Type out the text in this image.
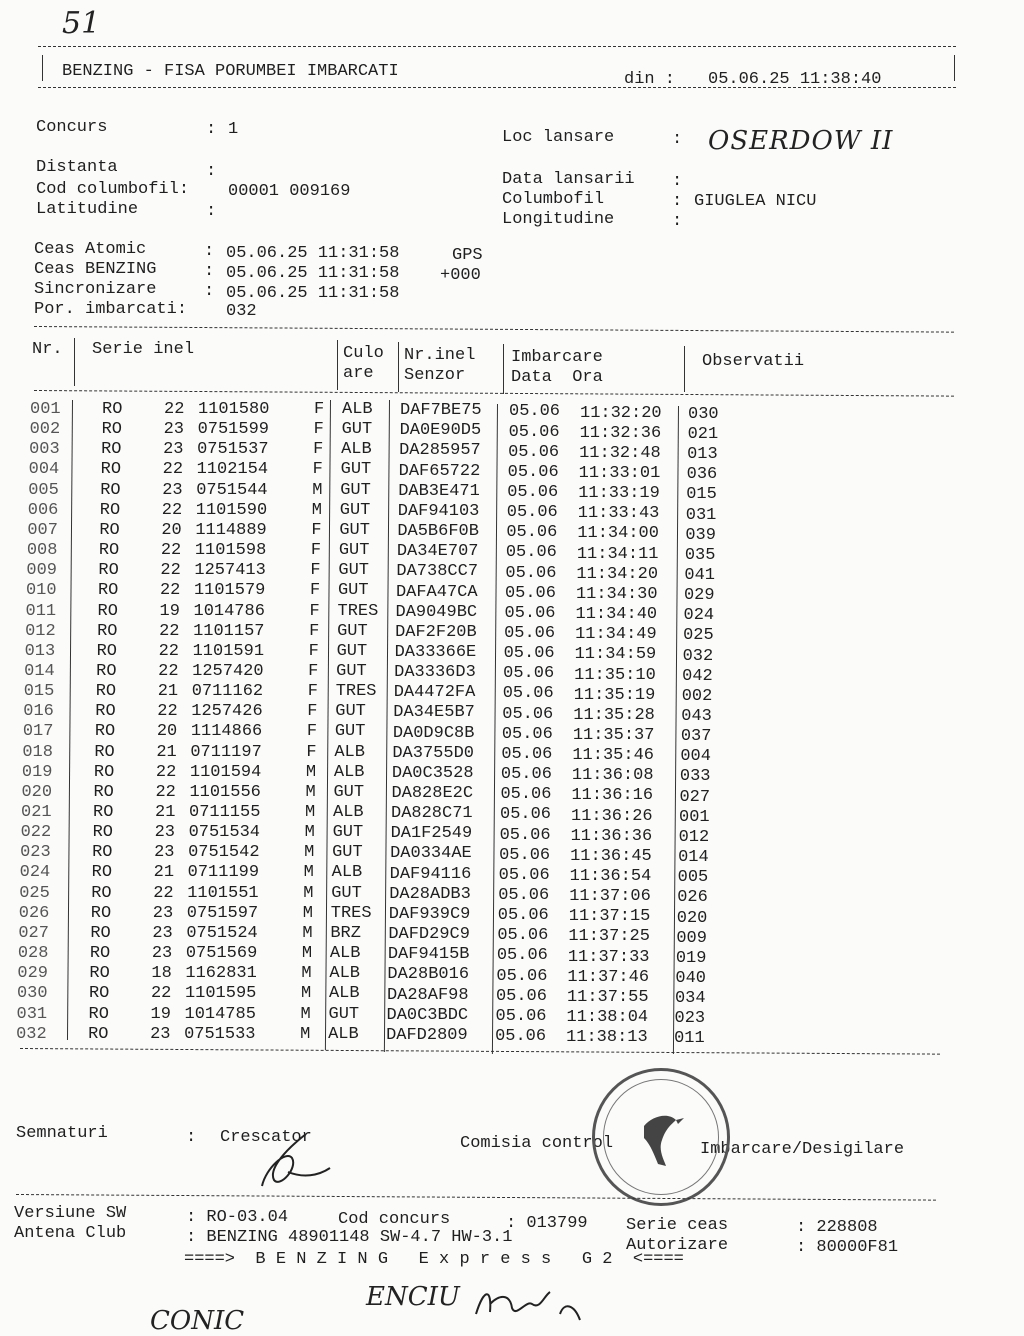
51
BENZING - FISA PORUMBEI IMBARCATI	din : 05.06.25 11:38:40
Concurs	: 1
Distanta	:
Cod columbofil: 00001 009169
Latitudine	:
Loc lansare	: OSERDOW II
Data lansarii :
Columbofil	: GIUGLEA NICU
Longitudine	:
Ceas Atomic	: 05.06.25 11:31:58	GPS
Ceas BENZING	: 05.06.25 11:31:58 +000
Sincronizare	: 05.06.25 11:31:58
Por. imbarcati: 032
Nr. Serie inel	Culo
are
Nr.inel
Senzor
Imbarcare
Data  Ora
Observatii
001 RO 22 1101580	F ALB DAF7BE75 05.06 11:32:20 030
002 RO 23 0751599	F GUT DA0E90D5 05.06 11:32:36 021
003 RO 23 0751537	F ALB DA285957 05.06 11:32:48 013
004 RO 22 1102154	F GUT DAF65722 05.06 11:33:01 036
005 RO 23 0751544	M GUT DAB3E471 05.06 11:33:19 015
006 RO 22 1101590	M GUT DAF94103 05.06 11:33:43 031
007 RO 20 1114889	F GUT DA5B6F0B 05.06 11:34:00 039
008 RO 22 1101598	F GUT DA34E707 05.06 11:34:11 035
009 RO 22 1257413	F GUT DA738CC7 05.06 11:34:20 041
010 RO 22 1101579	F GUT DAFA47CA 05.06 11:34:30 029
011 RO 19 1014786	F TRES DA9049BC 05.06 11:34:40 024
012 RO 22 1101157	F GUT DAF2F20B 05.06 11:34:49 025
013 RO 22 1101591	F GUT DA33366E 05.06 11:34:59 032
014 RO 22 1257420	F GUT DA3336D3 05.06 11:35:10 042
015 RO 21 0711162	F TRES DA4472FA 05.06 11:35:19 002
016 RO 22 1257426	F GUT DA34E5B7 05.06 11:35:28 043
017 RO 20 1114866	F GUT DA0D9C8B 05.06 11:35:37 037
018 RO 21 0711197	F ALB DA3755D0 05.06 11:35:46 004
019 RO 22 1101594	M ALB DA0C3528 05.06 11:36:08 033
020 RO 22 1101556	M GUT DA828E2C 05.06 11:36:16 027
021 RO 21 0711155	M ALB DA828C71 05.06 11:36:26 001
022 RO 23 0751534	M GUT DA1F2549 05.06 11:36:36 012
023 RO 23 0751542	M GUT DA0334AE 05.06 11:36:45 014
024 RO 21 0711199	M ALB DAF94116 05.06 11:36:54 005
025 RO 22 1101551	M GUT DA28ADB3 05.06 11:37:06 026
026 RO 23 0751597	M TRES DAF939C9 05.06 11:37:15 020
027 RO 23 0751524	M BRZ DAFD29C9 05.06 11:37:25 009
028 RO 23 0751569	M ALB DAF9415B 05.06 11:37:33 019
029 RO 18 1162831	M ALB DA28B016 05.06 11:37:46 040
030 RO 22 1101595	M ALB DA28AF98 05.06 11:37:55 034
031 RO 19 1014785	M GUT DA0C3BDC 05.06 11:38:04 023
032 RO 23 0751533	M ALB DAFD2809 05.06 11:38:13 011
Semnaturi	: Crescator	Comisia control	Imbarcare/Desigilare
Versiune SW	: RO-03.04
Antena Club	: BENZING 48901148 SW-4.7 HW-3.1
Cod concurs	: 013799 Serie ceas	: 228808
Autorizare	: 80000F81
====>  B E N Z I N G   E x p r e s s   G 2  <====
ENCIU
CONIC
